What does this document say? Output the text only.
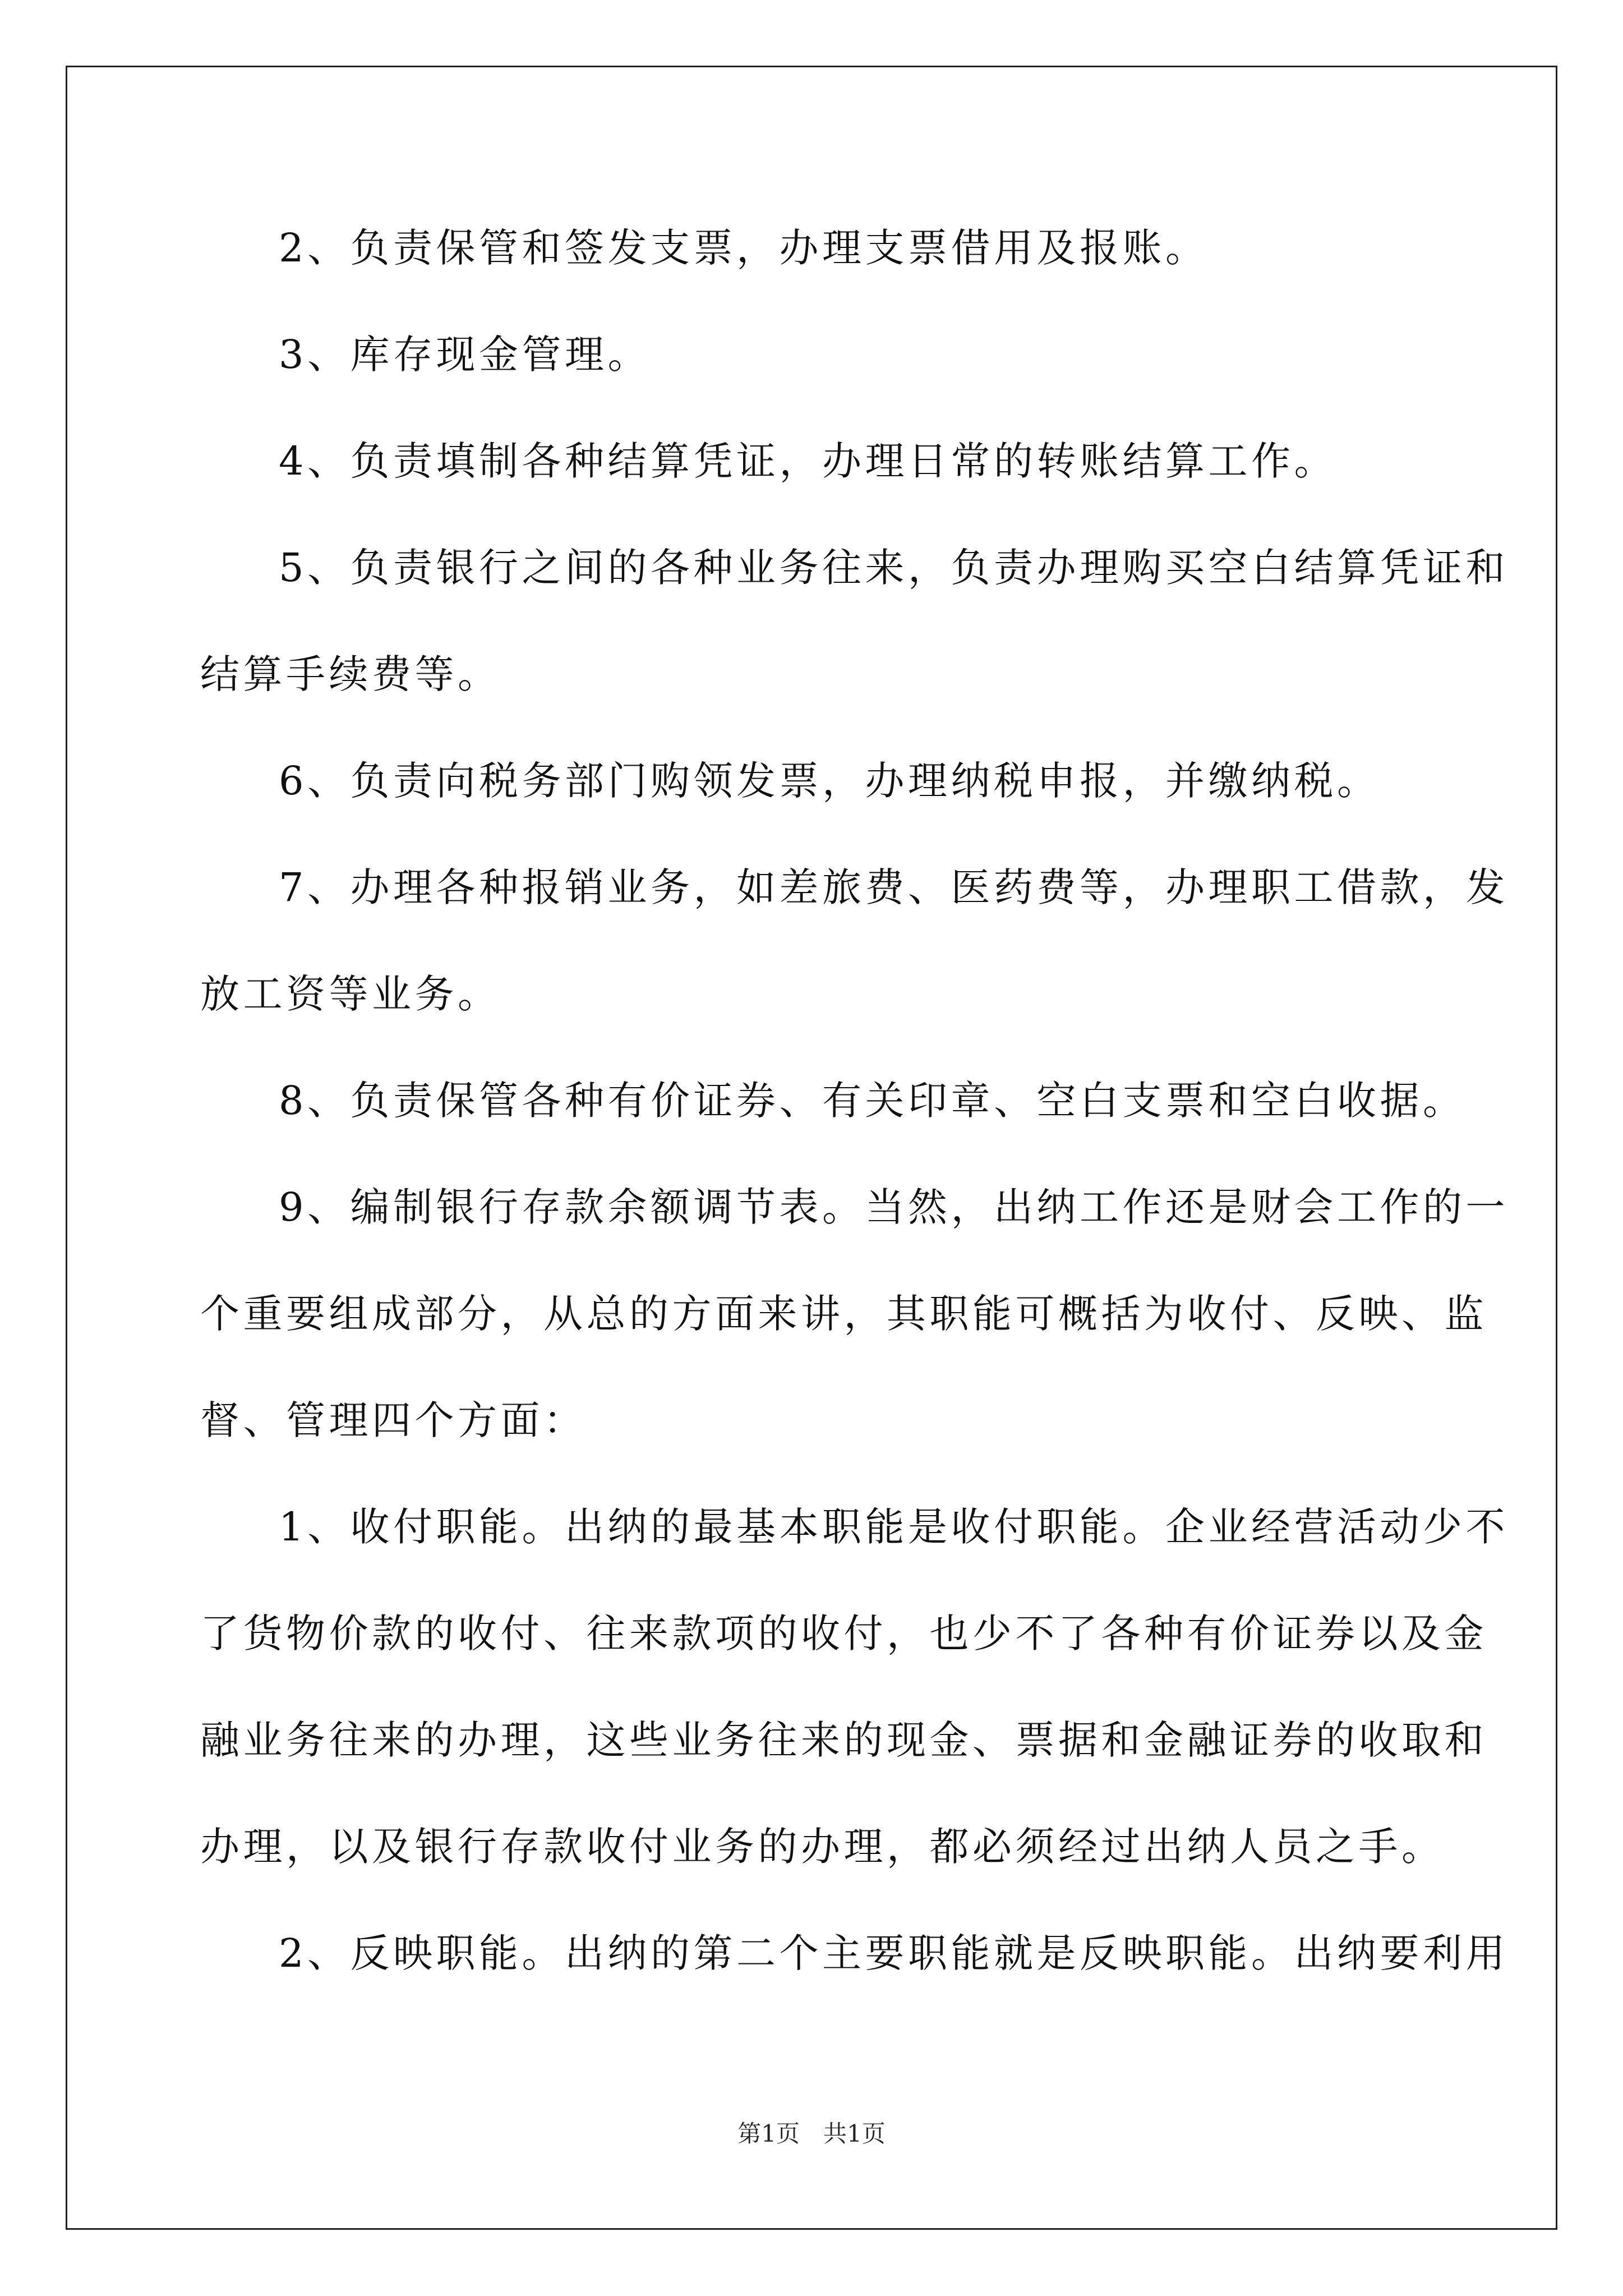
2、负责保管和签发支票，办理支票借用及报账。
3、库存现金管理。
4、负责填制各种结算凭证，办理日常的转账结算工作。
5、负责银行之间的各种业务往来，负责办理购买空白结算凭证和
结算手续费等。
6、负责向税务部门购领发票，办理纳税申报，并缴纳税。
7、办理各种报销业务，如差旅费、医药费等，办理职工借款，发
放工资等业务。
8、负责保管各种有价证券、有关印章、空白支票和空白收据。
9、编制银行存款余额调节表。当然，出纳工作还是财会工作的一
个重要组成部分，从总的方面来讲，其职能可概括为收付、反映、监
督、管理四个方面：
1、收付职能。出纳的最基本职能是收付职能。企业经营活动少不
了货物价款的收付、往来款项的收付，也少不了各种有价证券以及金
融业务往来的办理，这些业务往来的现金、票据和金融证券的收取和
办理，以及银行存款收付业务的办理，都必须经过出纳人员之手。
2、反映职能。出纳的第二个主要职能就是反映职能。出纳要利用
第1页　共1页
